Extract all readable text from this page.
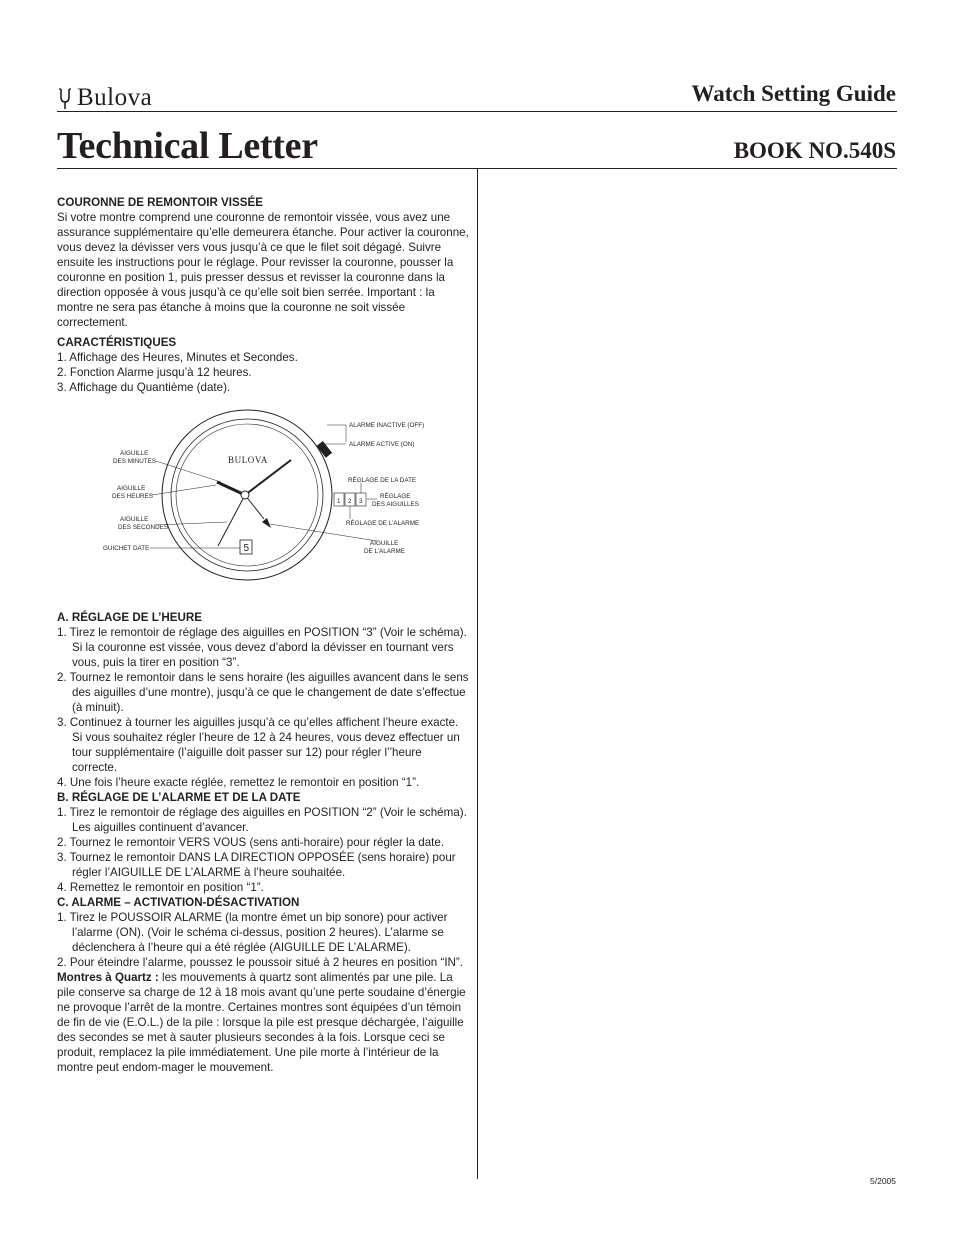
Bulova	Watch Setting Guide
Technical Letter	BOOK NO.540S

COURONNE DE REMONTOIR VISSÉE

Si votre montre comprend une couronne de remontoir vissée, vous avez une assurance supplémentaire qu’elle demeurera étanche. Pour activer la couronne, vous devez la dévisser vers vous jusqu’à ce que le filet soit dégagé. Suivre ensuite les instructions pour le réglage. Pour revisser la couronne, pousser la couronne en position 1, puis presser dessus et revisser la couronne dans la direction opposée à vous jusqu’à ce qu’elle soit bien serrée. Important : la montre ne sera pas étanche à moins que la couronne ne soit vissée correctement.

CARACTÉRISTIQUES

1. Affichage des Heures, Minutes et Secondes.
2. Fonction Alarme jusqu’à 12 heures.
3. Affichage du Quantième (date).
BULOVA
5
1 2 3
AIGUILLE
DES MINUTES
AIGUILLE
DES HEURES
AIGUILLE
DES SECONDES
GUICHET DATE
ALARME INACTIVE (OFF)
ALARME ACTIVE (ON)
RÉGLAGE DE LA DATE
RÉGLAGE
DES AIGUILLES
RÉGLAGE DE L’ALARME
AIGUILLE
DE L’ALARME

A. RÉGLAGE DE L’HEURE

1. Tirez le remontoir de réglage des aiguilles en POSITION “3” (Voir le schéma). Si la couronne est vissée, vous devez d’abord la dévisser en tournant vers vous, puis la tirer en position “3”.
2. Tournez le remontoir dans le sens horaire (les aiguilles avancent dans le sens des aiguilles d’une montre), jusqu’à ce que le changement de date s’effectue (à minuit).
3. Continuez à tourner les aiguilles jusqu’à ce qu’elles affichent l’heure exacte. Si vous souhaitez régler l’heure de 12 à 24 heures, vous devez effectuer un tour supplémentaire (l’aiguille doit passer sur 12) pour régler l’’heure correcte.
4. Une fois l’heure exacte réglée, remettez le remontoir en position “1”.

B. RÉGLAGE DE L’ALARME ET DE LA DATE

1. Tirez le remontoir de réglage des aiguilles en POSITION “2” (Voir le schéma). Les aiguilles continuent d’avancer.
2. Tournez le remontoir VERS VOUS (sens anti-horaire) pour régler la date.
3. Tournez le remontoir DANS LA DIRECTION OPPOSÉE (sens horaire) pour régler l’AIGUILLE DE L’ALARME à l’heure souhaitée.
4. Remettez le remontoir en position “1”.

C. ALARME – ACTIVATION-DÉSACTIVATION

1. Tirez le POUSSOIR ALARME (la montre émet un bip sonore) pour activer l’alarme (ON). (Voir le schéma ci-dessus, position 2 heures). L’alarme se déclenchera à l’heure qui a été réglée (AIGUILLE DE L’ALARME).
2. Pour éteindre l’alarme, poussez le poussoir situé à 2 heures en position “IN”.

Montres à Quartz : les mouvements à quartz sont alimentés par une pile. La pile conserve sa charge de 12 à 18 mois avant qu’une perte soudaine d’énergie ne provoque l’arrêt de la montre. Certaines montres sont équipées d’un témoin de fin de vie (E.O.L.) de la pile : lorsque la pile est presque déchargée, l’aiguille des secondes se met à sauter plusieurs secondes à la fois. Lorsque ceci se produit, remplacez la pile immédiatement. Une pile morte à l’intérieur de la montre peut endom-mager le mouvement.

5/2005
